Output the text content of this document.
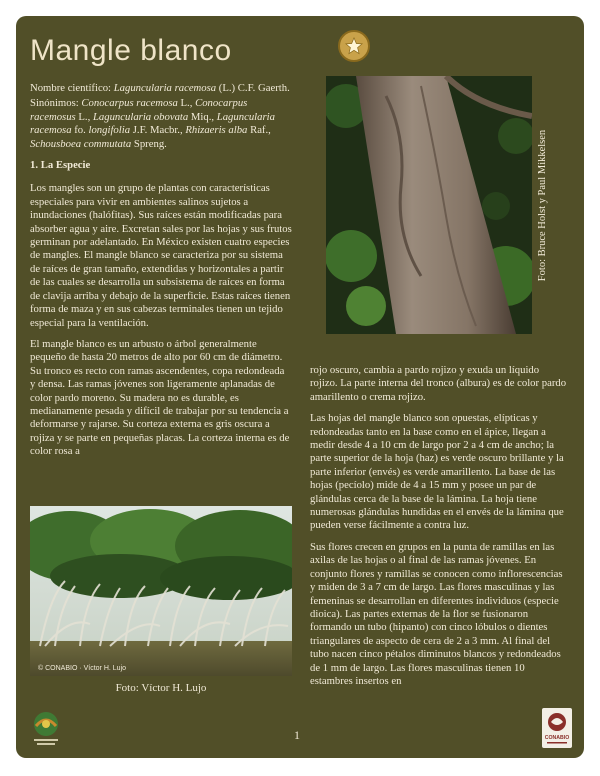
Mangle blanco

Nombre científico: Laguncularia racemosa (L.) C.F. Gaerth.

Sinónimos: Conocarpus racemosa L., Conocarpus racemosus L., Laguncularia obovata Miq., Laguncularia racemosa fo. longifolia J.F. Macbr., Rhizaeris alba Raf., Schousboea commutata Spreng.

1. La Especie

Los mangles son un grupo de plantas con características especiales para vivir en ambientes salinos sujetos a inundaciones (halófitas). Sus raíces están modificadas para absorber agua y aire. Excretan sales por las hojas y sus frutos germinan por adelantado. En México existen cuatro especies de mangles. El mangle blanco se caracteriza por su sistema de raíces de gran tamaño, extendidas y horizontales a partir de las cuales se desarrolla un subsistema de raíces en forma de clavija arriba y debajo de la superficie. Estas raíces tienen forma de maza y en sus cabezas terminales tienen un tejido especial para la ventilación.

El mangle blanco es un arbusto o árbol generalmente pequeño de hasta 20 metros de alto por 60 cm de diámetro. Su tronco es recto con ramas ascendentes, copa redondeada y densa. Las ramas jóvenes son ligeramente aplanadas de color pardo moreno. Su madera no es durable, es medianamente pesada y difícil de trabajar por su tendencia a deformarse y rajarse. Su corteza externa es gris oscura a rojiza y se parte en pequeñas placas. La corteza interna es de color rosa a

Foto: Bruce Holst y Paul Mikkelsen

rojo oscuro, cambia a pardo rojizo y exuda un líquido rojizo. La parte interna del tronco (albura) es de color pardo amarillento o crema rojizo.

Las hojas del mangle blanco son opuestas, elípticas y redondeadas tanto en la base como en el ápice, llegan a medir desde 4 a 10 cm de largo por 2 a 4 cm de ancho; la parte superior de la hoja (haz) es verde oscuro brillante y la parte inferior (envés) es verde amarillento. La base de las hojas (pecíolo) mide de 4 a 15 mm y posee un par de glándulas cerca de la base de la lámina. La hoja tiene numerosas glándulas hundidas en el envés de la lámina que pueden verse fácilmente a contra luz.

Sus flores crecen en grupos en la punta de ramillas en las axilas de las hojas o al final de las ramas jóvenes. En conjunto flores y ramillas se conocen como inflorescencias y miden de 3 a 7 cm de largo. Las flores masculinas y las femeninas se desarrollan en diferentes individuos (especie dioica). Las partes externas de la flor se fusionaron formando un tubo (hipanto) con cinco lóbulos o dientes triangulares de aspecto de cera de 2 a 3 mm. Al final del tubo nacen cinco pétalos diminutos blancos y redondeados de 1 mm de largo. Las flores masculinas tienen 10 estambres insertos en

© CONABIO · Víctor H. Lujo
Foto: Víctor H. Lujo
1	CONABIO
